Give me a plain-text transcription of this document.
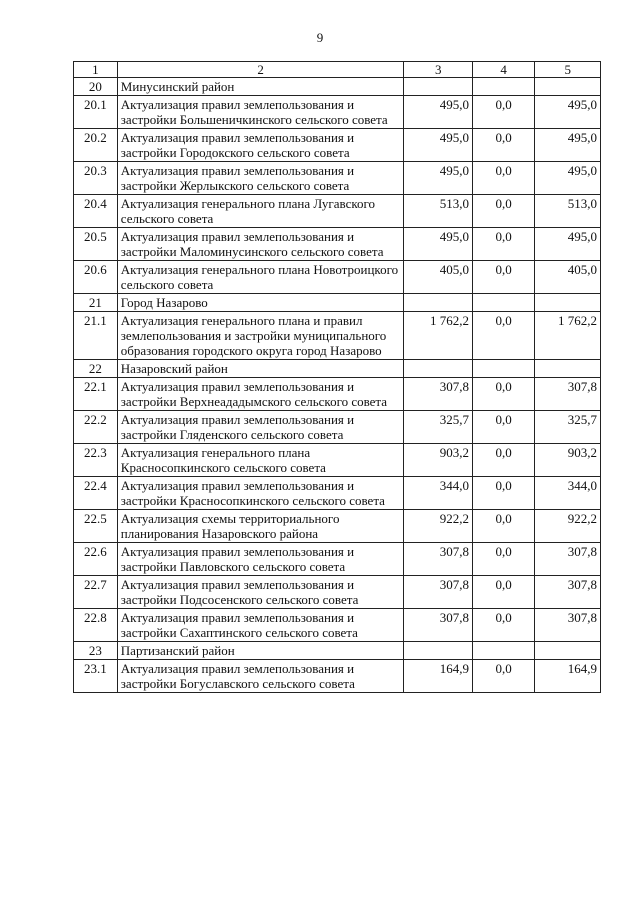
9
1	2	3	4	5
20	Минусинский район			
20.1	Актуализация правил землепользования и застройки Большеничкинского сельского совета	495,0	0,0	495,0
20.2	Актуализация правил землепользования и застройки Городокского сельского совета	495,0	0,0	495,0
20.3	Актуализация правил землепользования и застройки Жерлыкского сельского совета	495,0	0,0	495,0
20.4	Актуализация генерального плана Лугавского сельского совета	513,0	0,0	513,0
20.5	Актуализация правил землепользования и застройки Маломинусинского сельского совета	495,0	0,0	495,0
20.6	Актуализация генерального плана Новотроицкого сельского совета	405,0	0,0	405,0
21	Город Назарово			
21.1	Актуализация генерального плана и правил землепользования и застройки муниципального образования городского округа город Назарово	1 762,2	0,0	1 762,2
22	Назаровский район			
22.1	Актуализация правил землепользования и застройки Верхнеададымского сельского совета	307,8	0,0	307,8
22.2	Актуализация правил землепользования и застройки Гляденского сельского совета	325,7	0,0	325,7
22.3	Актуализация генерального плана Красносопкинского сельского совета	903,2	0,0	903,2
22.4	Актуализация правил землепользования и застройки Красносопкинского сельского совета	344,0	0,0	344,0
22.5	Актуализация схемы территориального планирования Назаровского района	922,2	0,0	922,2
22.6	Актуализация правил землепользования и застройки Павловского сельского совета	307,8	0,0	307,8
22.7	Актуализация правил землепользования и застройки Подсосенского сельского совета	307,8	0,0	307,8
22.8	Актуализация правил землепользования и застройки Сахаптинского сельского совета	307,8	0,0	307,8
23	Партизанский район			
23.1	Актуализация правил землепользования и застройки Богуславского сельского совета	164,9	0,0	164,9
